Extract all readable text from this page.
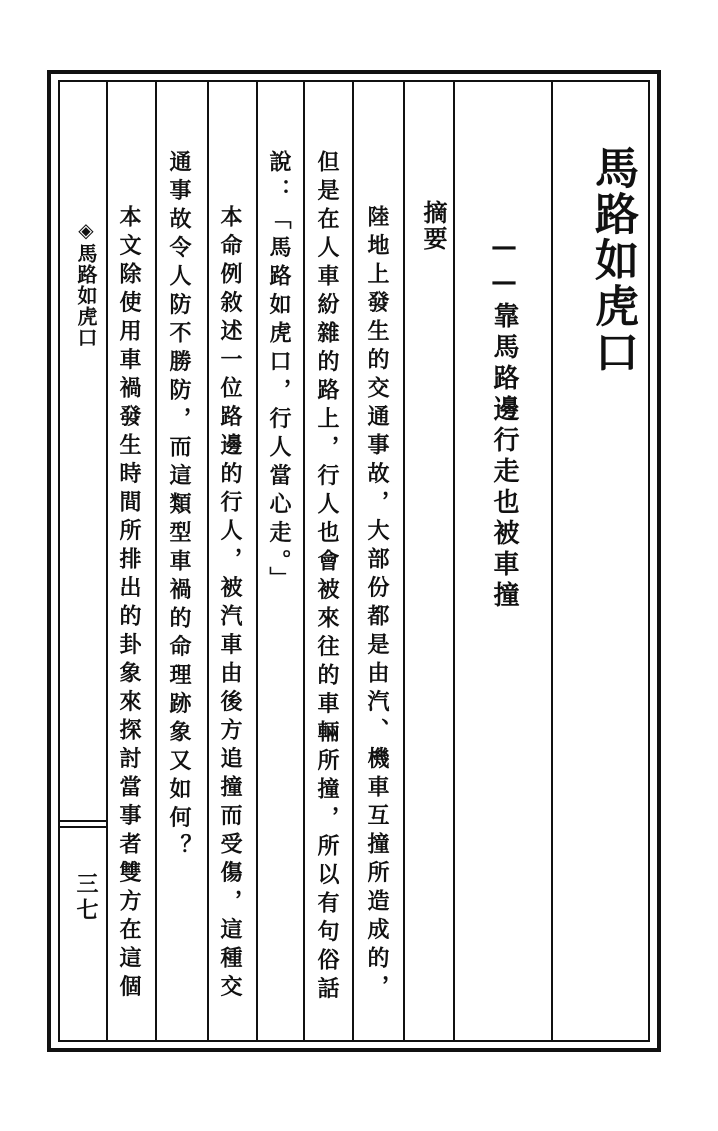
馬路如虎口
——靠馬路邊行走也被車撞
摘要
陸地上發生的交通事故，大部份都是由汽、機車互撞所造成的，
但是在人車紛雜的路上，行人也會被來往的車輛所撞，所以有句俗話
說：「馬路如虎口，行人當心走。」
本命例敘述一位路邊的行人，被汽車由後方追撞而受傷，這種交
通事故令人防不勝防，而這類型車禍的命理跡象又如何？
本文除使用車禍發生時間所排出的卦象來探討當事者雙方在這個
◈馬路如虎口
三七
